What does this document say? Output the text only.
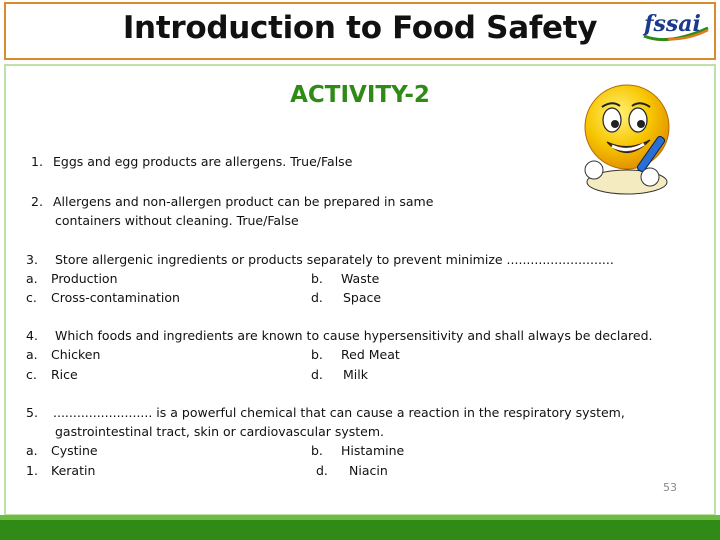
Introduction to Food Safety	fssai
ACTIVITY-2
1. Eggs and egg products are allergens. True/False
2. Allergens and non-allergen product can be prepared in same
containers without cleaning. True/False
3. Store allergenic ingredients or products separately to prevent minimize ...........................
a. Production	b. Waste
c. Cross-contamination	d. Space
4. Which foods and ingredients are known to cause hypersensitivity and shall always be declared.
a. Chicken	b. Red Meat
c. Rice	d. Milk
5. ......................... is a powerful chemical that can cause a reaction in the respiratory system,
gastrointestinal tract, skin or cardiovascular system.
a. Cystine	b. Histamine
1. Keratin	d. Niacin
53
